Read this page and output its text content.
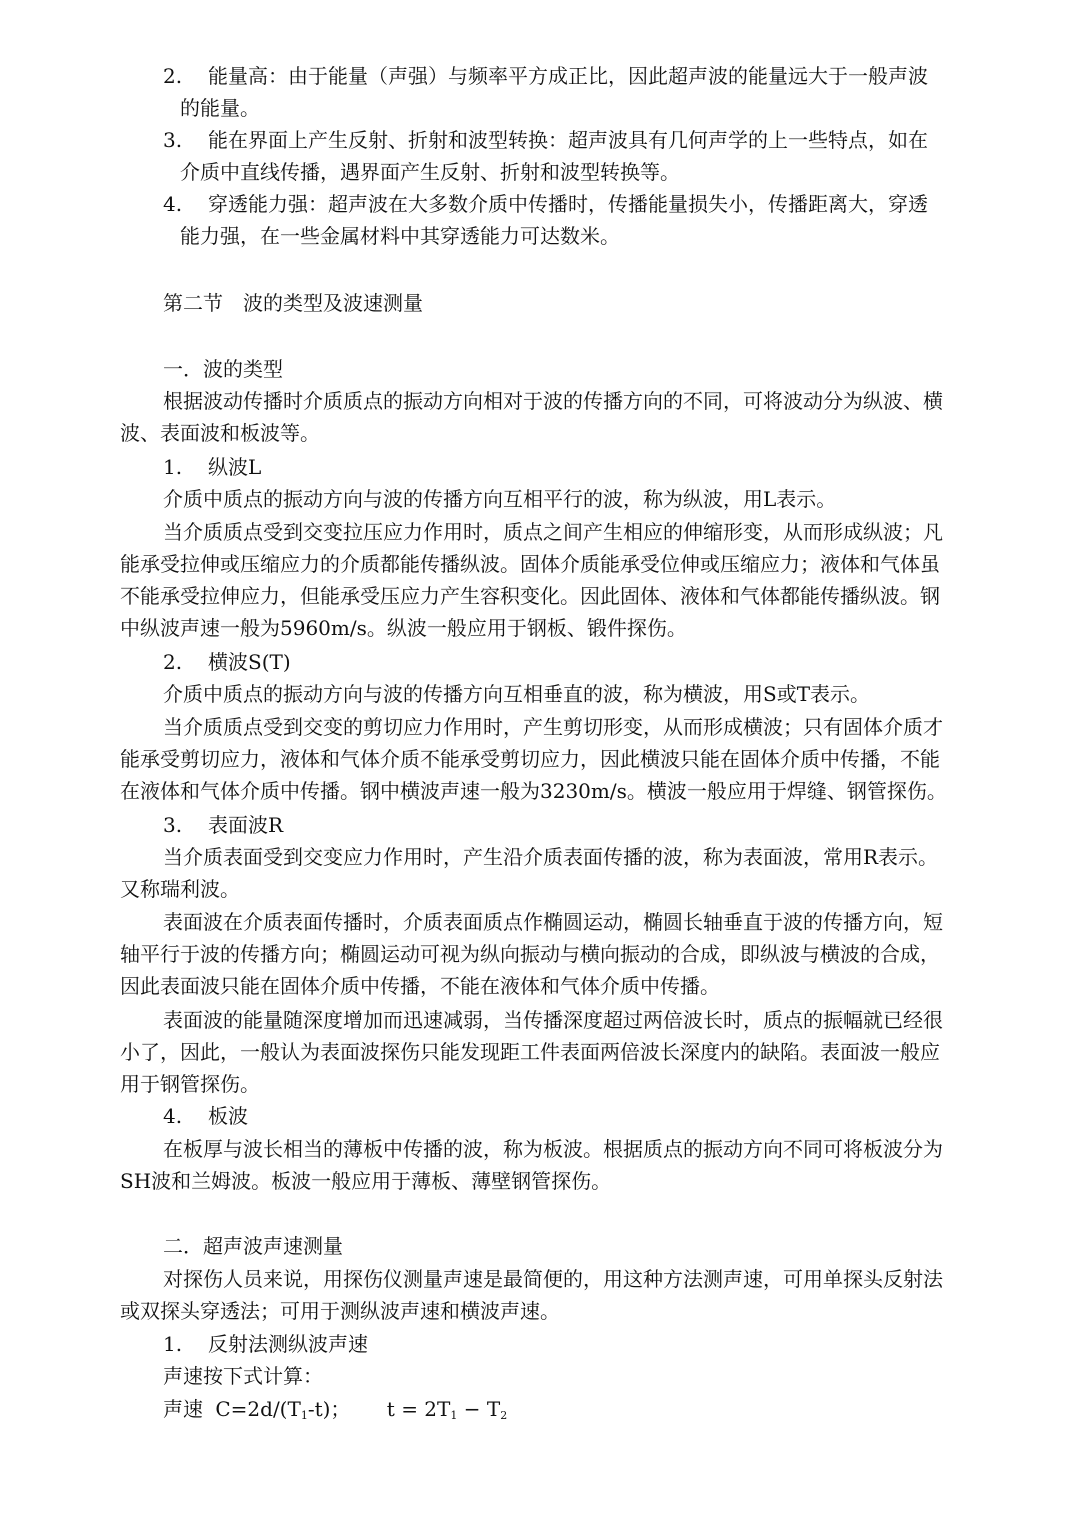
2. 能量高：由于能量（声强）与频率平方成正比，因此超声波的能量远大于一般声波
的能量。
3. 能在界面上产生反射、折射和波型转换：超声波具有几何声学的上一些特点，如在
介质中直线传播，遇界面产生反射、折射和波型转换等。
4. 穿透能力强：超声波在大多数介质中传播时，传播能量损失小，传播距离大，穿透
能力强，在一些金属材料中其穿透能力可达数米。
第二节　波的类型及波速测量
一．波的类型
根据波动传播时介质质点的振动方向相对于波的传播方向的不同，可将波动分为纵波、横
波、表面波和板波等。
1. 纵波L
介质中质点的振动方向与波的传播方向互相平行的波，称为纵波，用L表示。
当介质质点受到交变拉压应力作用时，质点之间产生相应的伸缩形变，从而形成纵波；凡
能承受拉伸或压缩应力的介质都能传播纵波。固体介质能承受位伸或压缩应力；液体和气体虽
不能承受拉伸应力，但能承受压应力产生容积变化。因此固体、液体和气体都能传播纵波。钢
中纵波声速一般为5960m/s。纵波一般应用于钢板、锻件探伤。
2. 横波S(T)
介质中质点的振动方向与波的传播方向互相垂直的波，称为横波，用S或T表示。
当介质质点受到交变的剪切应力作用时，产生剪切形变，从而形成横波；只有固体介质才
能承受剪切应力，液体和气体介质不能承受剪切应力，因此横波只能在固体介质中传播，不能
在液体和气体介质中传播。钢中横波声速一般为3230m/s。横波一般应用于焊缝、钢管探伤。
3. 表面波R
当介质表面受到交变应力作用时，产生沿介质表面传播的波，称为表面波，常用R表示。
又称瑞利波。
表面波在介质表面传播时，介质表面质点作椭圆运动，椭圆长轴垂直于波的传播方向，短
轴平行于波的传播方向；椭圆运动可视为纵向振动与横向振动的合成，即纵波与横波的合成，
因此表面波只能在固体介质中传播，不能在液体和气体介质中传播。
表面波的能量随深度增加而迅速减弱，当传播深度超过两倍波长时，质点的振幅就已经很
小了，因此，一般认为表面波探伤只能发现距工件表面两倍波长深度内的缺陷。表面波一般应
用于钢管探伤。
4. 板波
在板厚与波长相当的薄板中传播的波，称为板波。根据质点的振动方向不同可将板波分为
SH波和兰姆波。板波一般应用于薄板、薄壁钢管探伤。
二．超声波声速测量
对探伤人员来说，用探伤仪测量声速是最简便的，用这种方法测声速，可用单探头反射法
或双探头穿透法；可用于测纵波声速和横波声速。
1. 反射法测纵波声速
声速按下式计算：
声速 $C=2d/(T_1-t)$； $t = 2T_1 - T_2$
